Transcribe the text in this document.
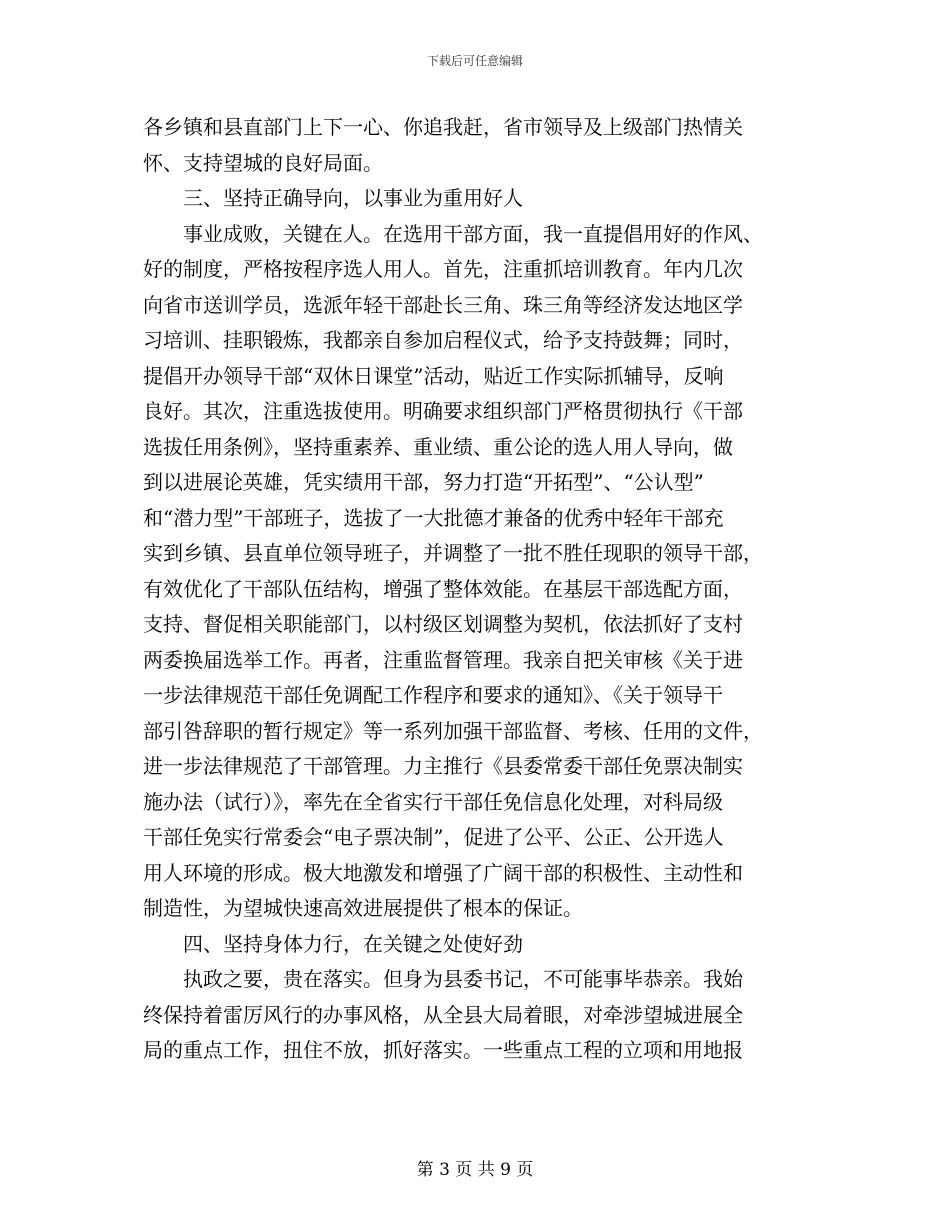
下载后可任意编辑
各乡镇和县直部门上下一心、你追我赶，省市领导及上级部门热情关
怀、支持望城的良好局面。
　　三、坚持正确导向，以事业为重用好人
　　事业成败，关键在人。在选用干部方面，我一直提倡用好的作风、
好的制度，严格按程序选人用人。首先，注重抓培训教育。年内几次
向省市送训学员，选派年轻干部赴长三角、珠三角等经济发达地区学
习培训、挂职锻炼，我都亲自参加启程仪式，给予支持鼓舞；同时，
提倡开办领导干部“双休日课堂”活动，贴近工作实际抓辅导，反响
良好。其次，注重选拔使用。明确要求组织部门严格贯彻执行《干部
选拔任用条例》，坚持重素养、重业绩、重公论的选人用人导向，做
到以进展论英雄，凭实绩用干部，努力打造“开拓型”、“公认型”
和“潜力型”干部班子，选拔了一大批德才兼备的优秀中轻年干部充
实到乡镇、县直单位领导班子，并调整了一批不胜任现职的领导干部，
有效优化了干部队伍结构，增强了整体效能。在基层干部选配方面，
支持、督促相关职能部门，以村级区划调整为契机，依法抓好了支村
两委换届选举工作。再者，注重监督管理。我亲自把关审核《关于进
一步法律规范干部任免调配工作程序和要求的通知》、《关于领导干
部引咎辞职的暂行规定》等一系列加强干部监督、考核、任用的文件，
进一步法律规范了干部管理。力主推行《县委常委干部任免票决制实
施办法（试行）》，率先在全省实行干部任免信息化处理，对科局级
干部任免实行常委会“电子票决制”，促进了公平、公正、公开选人
用人环境的形成。极大地激发和增强了广阔干部的积极性、主动性和
制造性，为望城快速高效进展提供了根本的保证。
　　四、坚持身体力行，在关键之处使好劲
　　执政之要，贵在落实。但身为县委书记，不可能事毕恭亲。我始
终保持着雷厉风行的办事风格，从全县大局着眼，对牵涉望城进展全
局的重点工作，扭住不放，抓好落实。一些重点工程的立项和用地报
第 3 页 共 9 页
